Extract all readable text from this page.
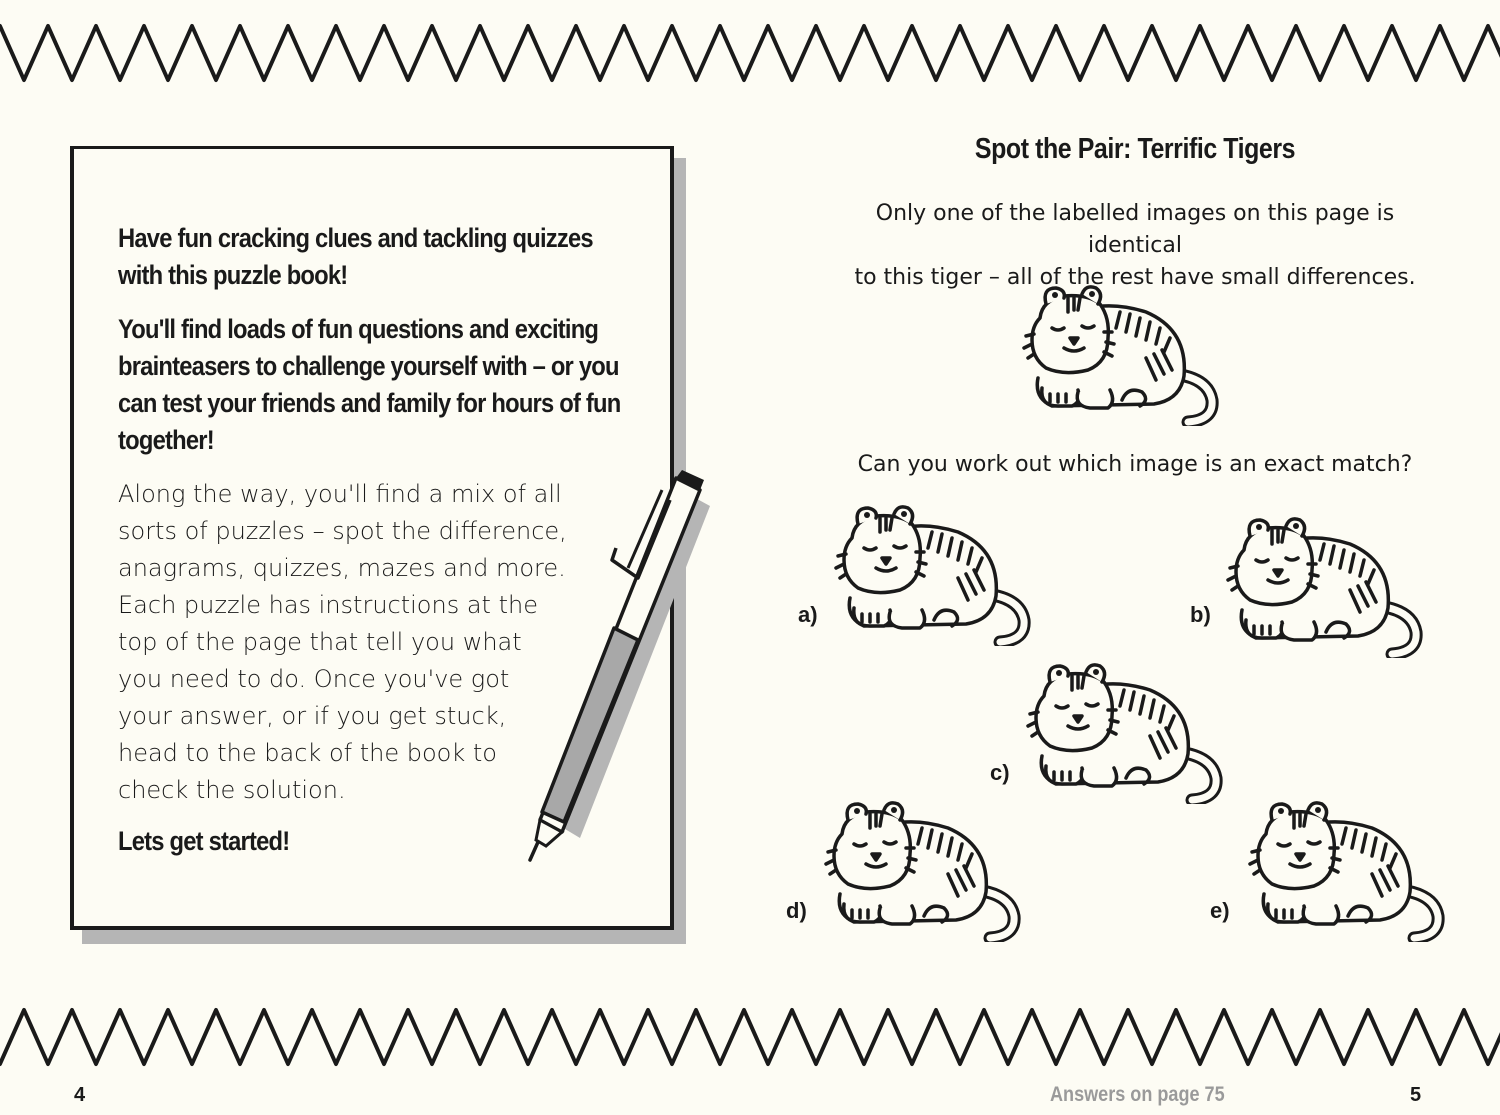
Have fun cracking clues and tackling quizzes with this puzzle book!

You'll find loads of fun questions and exciting brainteasers to challenge yourself with – or you can test your friends and family for hours of fun together!

Along the way, you'll find a mix of all
sorts of puzzles – spot the difference,
anagrams, quizzes, mazes and more.
Each puzzle has instructions at the
top of the page that tell you what
you need to do. Once you've got
your answer, or if you get stuck,
head to the back of the book to
check the solution.

Lets get started!

Spot the Pair: Terrific Tigers
Only one of the labelled images on this page is identical
to this tiger – all of the rest have small differences.
Can you work out which image is an exact match?
a)	b)
c)
d)	e)
4	Answers on page 75	5
